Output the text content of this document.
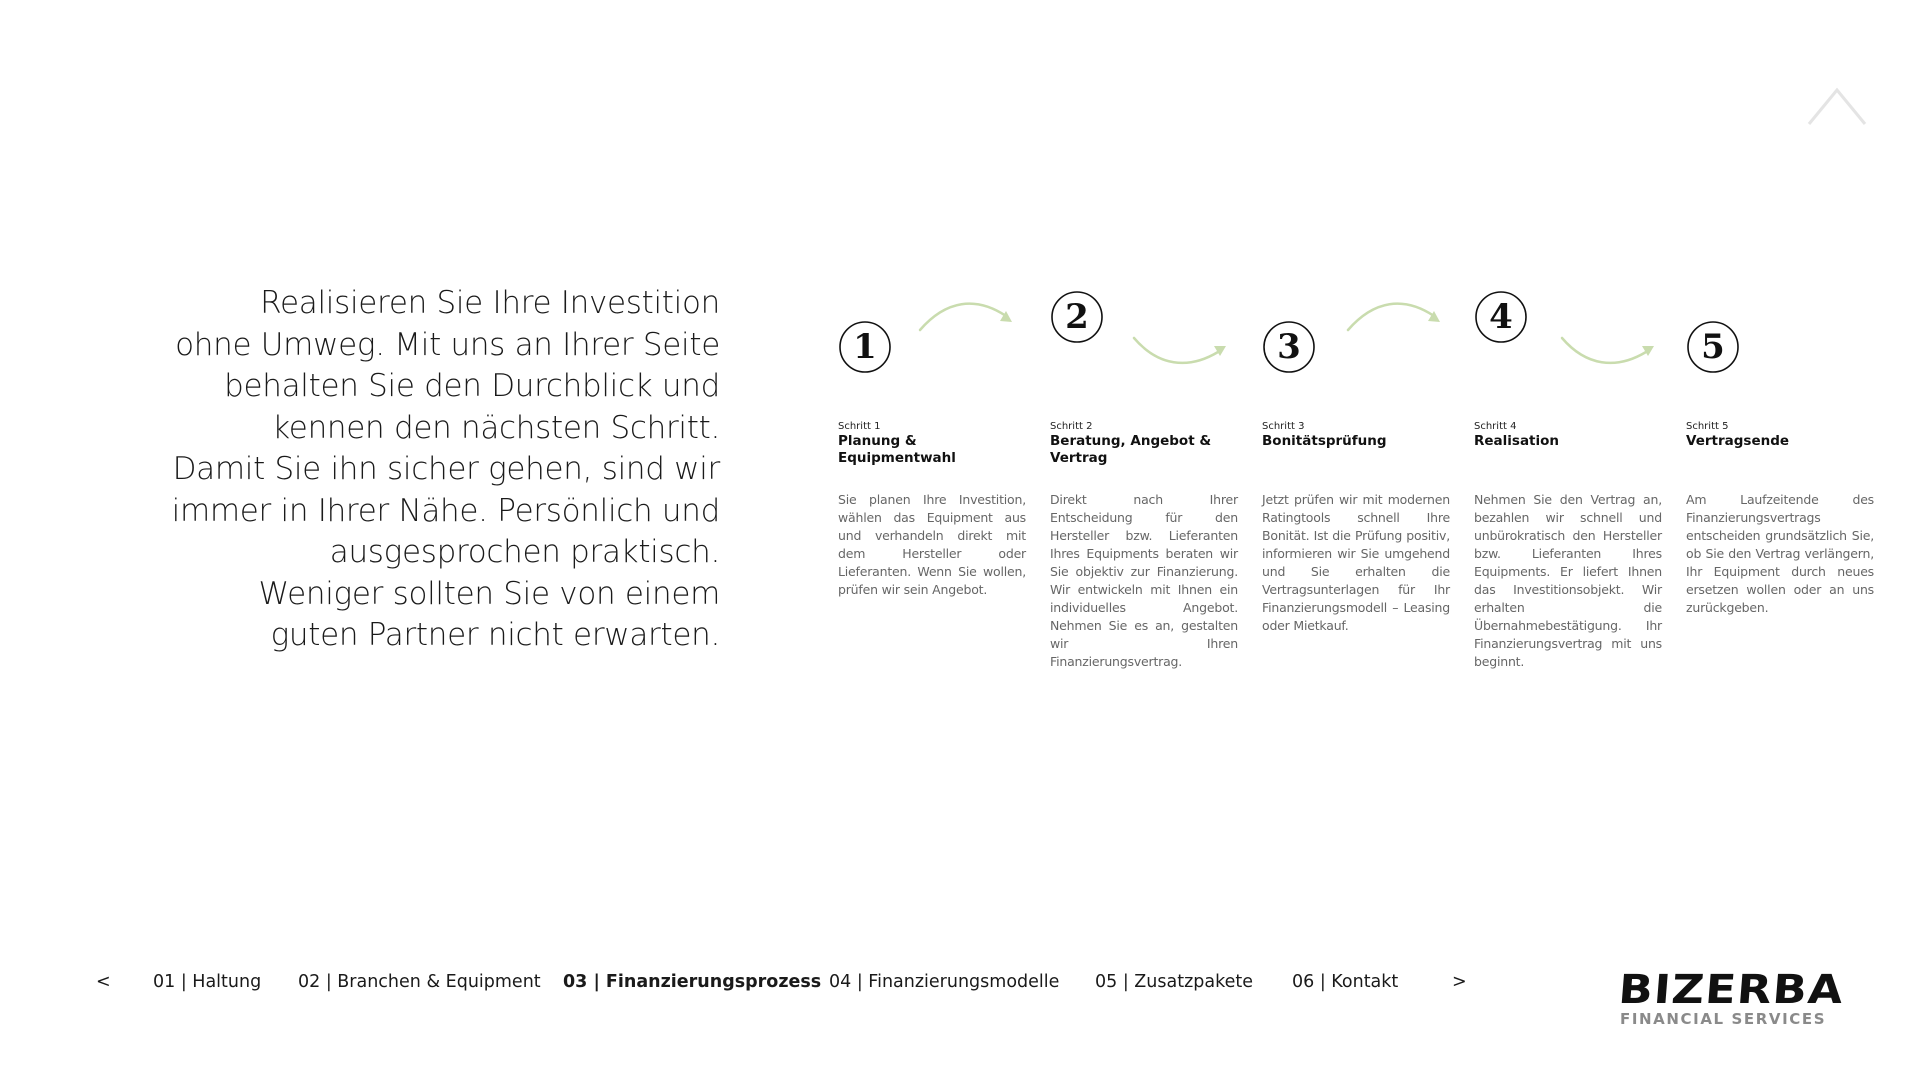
Realisieren Sie Ihre Investition
ohne Umweg. Mit uns an Ihrer Seite
behalten Sie den Durchblick und
kennen den nächsten Schritt.
Damit Sie ihn sicher gehen, sind wir
immer in Ihrer Nähe. Persönlich und
ausgesprochen praktisch.
Weniger sollten Sie von einem
guten Partner nicht erwarten.
1
Schritt 1
Planung & Equipmentwahl
Sie planen Ihre Investition, wählen das Equipment aus und verhandeln direkt mit dem Hersteller oder Lieferanten. Wenn Sie wollen, prüfen wir sein Angebot.
2
Schritt 2
Beratung, Angebot & Vertrag
Direkt nach Ihrer Entscheidung für den Hersteller bzw. Lieferanten Ihres Equipments beraten wir Sie objektiv zur Finanzierung. Wir entwickeln mit Ihnen ein individuelles Angebot. Nehmen Sie es an, gestalten wir Ihren Finanzierungsvertrag.
3
Schritt 3
Bonitätsprüfung
Jetzt prüfen wir mit modernen Ratingtools schnell Ihre Bonität. Ist die Prüfung positiv, informieren wir Sie umgehend und Sie erhalten die Vertragsunterlagen für Ihr Finanzierungsmodell – Leasing oder Mietkauf.
4
Schritt 4
Realisation
Nehmen Sie den Vertrag an, bezahlen wir schnell und unbürokratisch den Hersteller bzw. Lieferanten Ihres Equipments. Er liefert Ihnen das Investitionsobjekt. Wir erhalten die Übernahmebestätigung. Ihr Finanzierungsvertrag mit uns beginnt.
5
Schritt 5
Vertragsende
Am Laufzeitende des Finanzierungsvertrags entscheiden grundsätzlich Sie, ob Sie den Vertrag verlängern, Ihr Equipment durch neues ersetzen wollen oder an uns zurückgeben.
< 01 | Haltung 02 | Branchen & Equipment 03 | Finanzierungsprozess 04 | Finanzierungsmodelle 05 | Zusatzpakete 06 | Kontakt	>	BIZERBA
FINANCIAL SERVICES
